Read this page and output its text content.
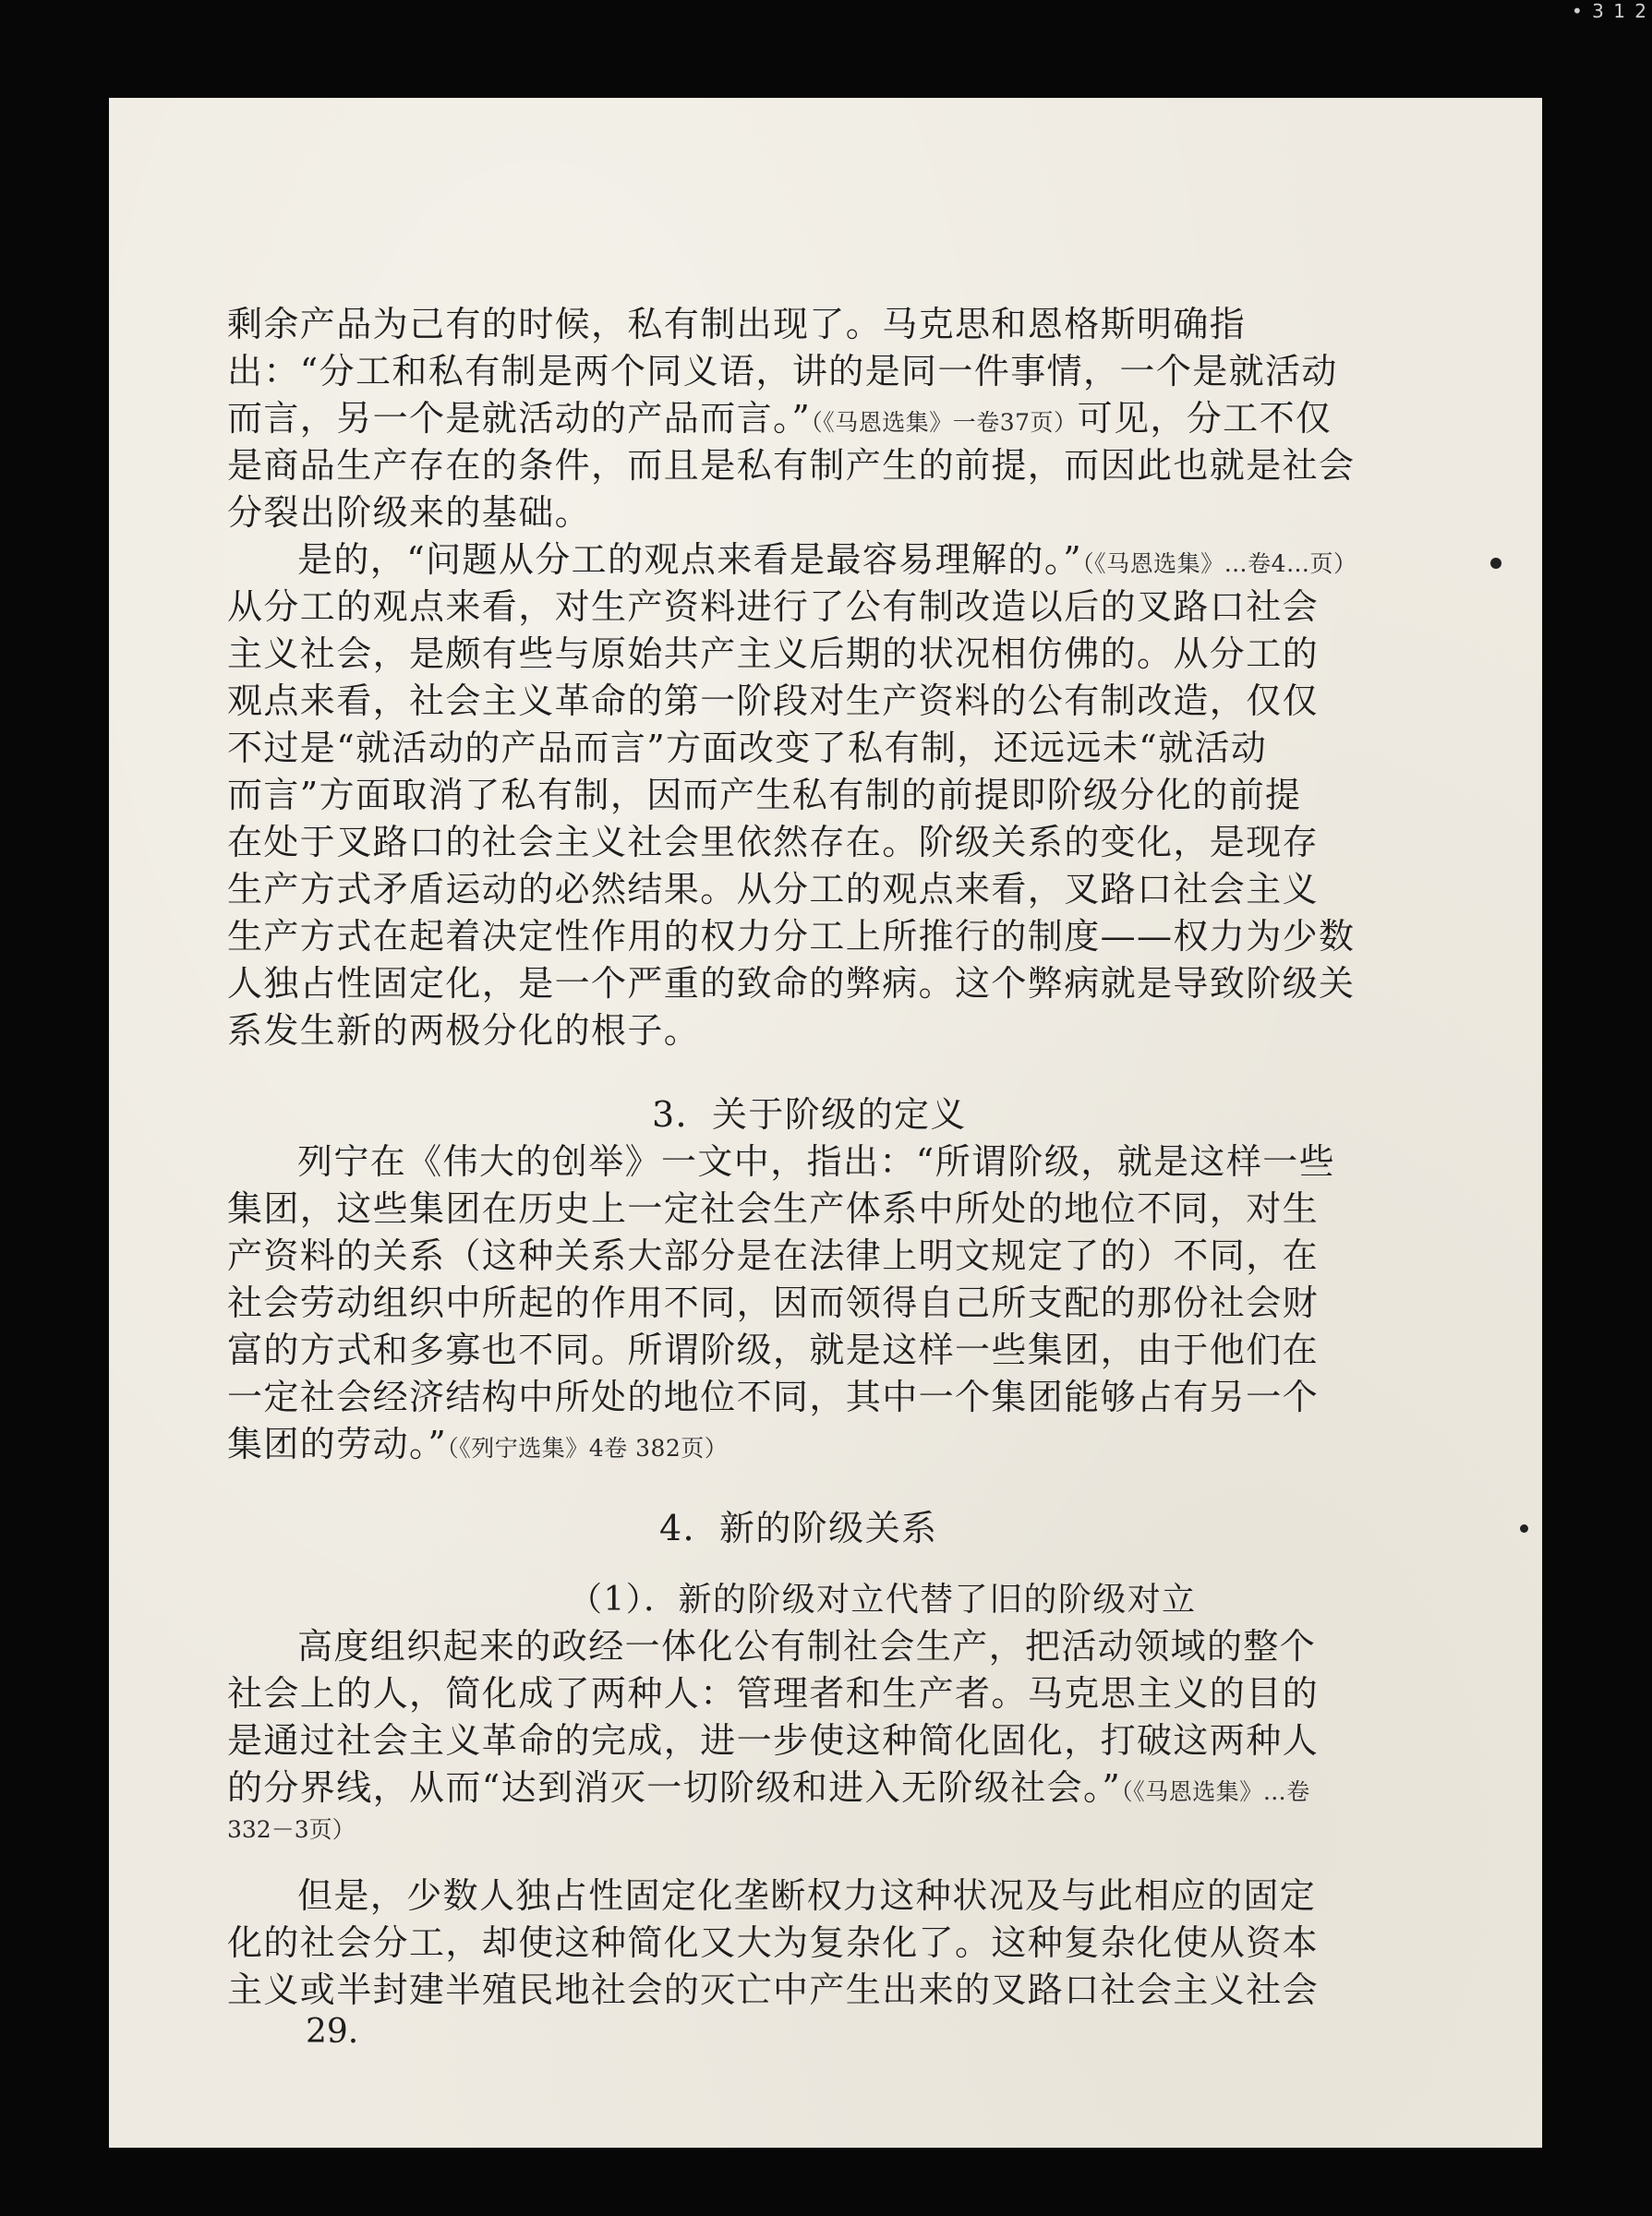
• 3 1 2
剩余产品为己有的时候，私有制出现了。马克思和恩格斯明确指
出：“分工和私有制是两个同义语，讲的是同一件事情，一个是就活动
而言，另一个是就活动的产品而言。”（《马恩选集》一卷37页）可见，分工不仅
是商品生产存在的条件，而且是私有制产生的前提，而因此也就是社会
分裂出阶级来的基础。
是的，“问题从分工的观点来看是最容易理解的。”（《马恩选集》…卷4…页）
从分工的观点来看，对生产资料进行了公有制改造以后的叉路口社会
主义社会，是颇有些与原始共产主义后期的状况相仿佛的。从分工的
观点来看，社会主义革命的第一阶段对生产资料的公有制改造，仅仅
不过是“就活动的产品而言”方面改变了私有制，还远远未“就活动
而言”方面取消了私有制，因而产生私有制的前提即阶级分化的前提
在处于叉路口的社会主义社会里依然存在。阶级关系的变化，是现存
生产方式矛盾运动的必然结果。从分工的观点来看，叉路口社会主义
生产方式在起着决定性作用的权力分工上所推行的制度——权力为少数
人独占性固定化，是一个严重的致命的弊病。这个弊病就是导致阶级关
系发生新的两极分化的根子。
3．关于阶级的定义
列宁在《伟大的创举》一文中，指出：“所谓阶级，就是这样一些
集团，这些集团在历史上一定社会生产体系中所处的地位不同，对生
产资料的关系（这种关系大部分是在法律上明文规定了的）不同，在
社会劳动组织中所起的作用不同，因而领得自己所支配的那份社会财
富的方式和多寡也不同。所谓阶级，就是这样一些集团，由于他们在
一定社会经济结构中所处的地位不同，其中一个集团能够占有另一个
集团的劳动。”（《列宁选集》4卷 382页）
4．新的阶级关系
（1）．新的阶级对立代替了旧的阶级对立
高度组织起来的政经一体化公有制社会生产，把活动领域的整个
社会上的人，简化成了两种人：管理者和生产者。马克思主义的目的
是通过社会主义革命的完成，进一步使这种简化固化，打破这两种人
的分界线，从而“达到消灭一切阶级和进入无阶级社会。”（《马恩选集》…卷
332－3页）
但是，少数人独占性固定化垄断权力这种状况及与此相应的固定
化的社会分工，却使这种简化又大为复杂化了。这种复杂化使从资本
主义或半封建半殖民地社会的灭亡中产生出来的叉路口社会主义社会
29.
